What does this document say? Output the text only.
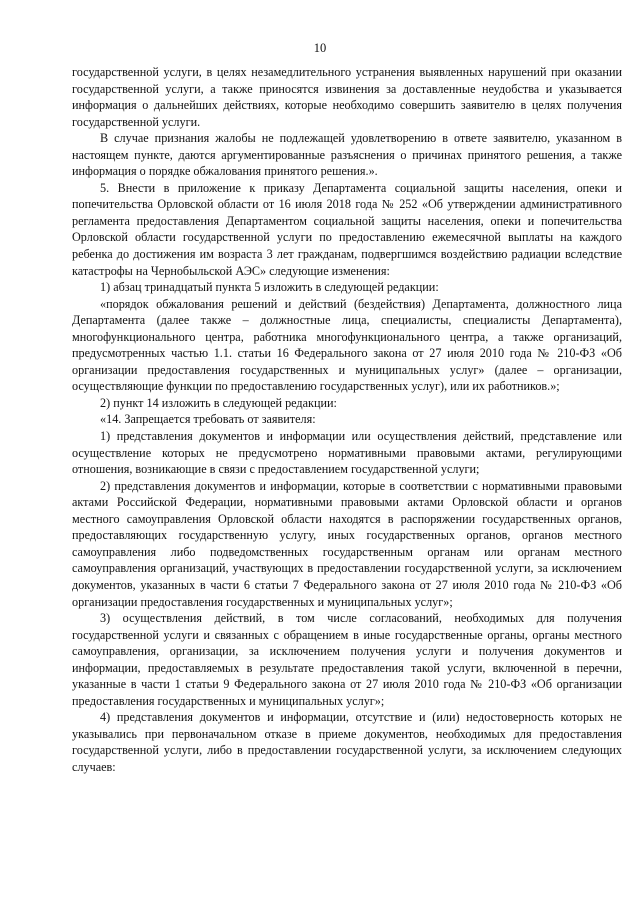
10

государственной услуги, в целях незамедлительного устранения выявленных нарушений при оказании государственной услуги, а также приносятся извинения за доставленные неудобства и указывается информация о дальнейших действиях, которые необходимо совершить заявителю в целях получения государственной услуги.

В случае признания жалобы не подлежащей удовлетворению в ответе заявителю, указанном в настоящем пункте, даются аргументированные разъяснения о причинах принятого решения, а также информация о порядке обжалования принятого решения.».

5. Внести в приложение к приказу Департамента социальной защиты населения, опеки и попечительства Орловской области от 16 июля 2018 года № 252 «Об утверждении административного регламента предоставления Департаментом социальной защиты населения, опеки и попечительства Орловской области государственной услуги по предоставлению ежемесячной выплаты на каждого ребенка до достижения им возраста 3 лет гражданам, подвергшимся воздействию радиации вследствие катастрофы на Чернобыльской АЭС» следующие изменения:

1) абзац тринадцатый пункта 5 изложить в следующей редакции:

«порядок обжалования решений и действий (бездействия) Департамента, должностного лица Департамента (далее также – должностные лица, специалисты, специалисты Департамента), многофункционального центра, работника многофункционального центра, а также организаций, предусмотренных частью 1.1. статьи 16 Федерального закона от 27 июля 2010 года № 210-ФЗ «Об организации предоставления государственных и муниципальных услуг» (далее – организации, осуществляющие функции по предоставлению государственных услуг), или их работников.»;

2) пункт 14 изложить в следующей редакции:

«14. Запрещается требовать от заявителя:

1) представления документов и информации или осуществления действий, представление или осуществление которых не предусмотрено нормативными правовыми актами, регулирующими отношения, возникающие в связи с предоставлением государственной услуги;

2) представления документов и информации, которые в соответствии с нормативными правовыми актами Российской Федерации, нормативными правовыми актами Орловской области и органов местного самоуправления Орловской области находятся в распоряжении государственных органов, предоставляющих государственную услугу, иных государственных органов, органов местного самоуправления либо подведомственных государственным органам или органам местного самоуправления организаций, участвующих в предоставлении государственной услуги, за исключением документов, указанных в части 6 статьи 7 Федерального закона от 27 июля 2010 года № 210-ФЗ «Об организации предоставления государственных и муниципальных услуг»;

3) осуществления действий, в том числе согласований, необходимых для получения государственной услуги и связанных с обращением в иные государственные органы, органы местного самоуправления, организации, за исключением получения услуги и получения документов и информации, предоставляемых в результате предоставления такой услуги, включенной в перечни, указанные в части 1 статьи 9 Федерального закона от 27 июля 2010 года № 210-ФЗ «Об организации предоставления государственных и муниципальных услуг»;

4) представления документов и информации, отсутствие и (или) недостоверность которых не указывались при первоначальном отказе в приеме документов, необходимых для предоставления государственной услуги, либо в предоставлении государственной услуги, за исключением следующих случаев:
